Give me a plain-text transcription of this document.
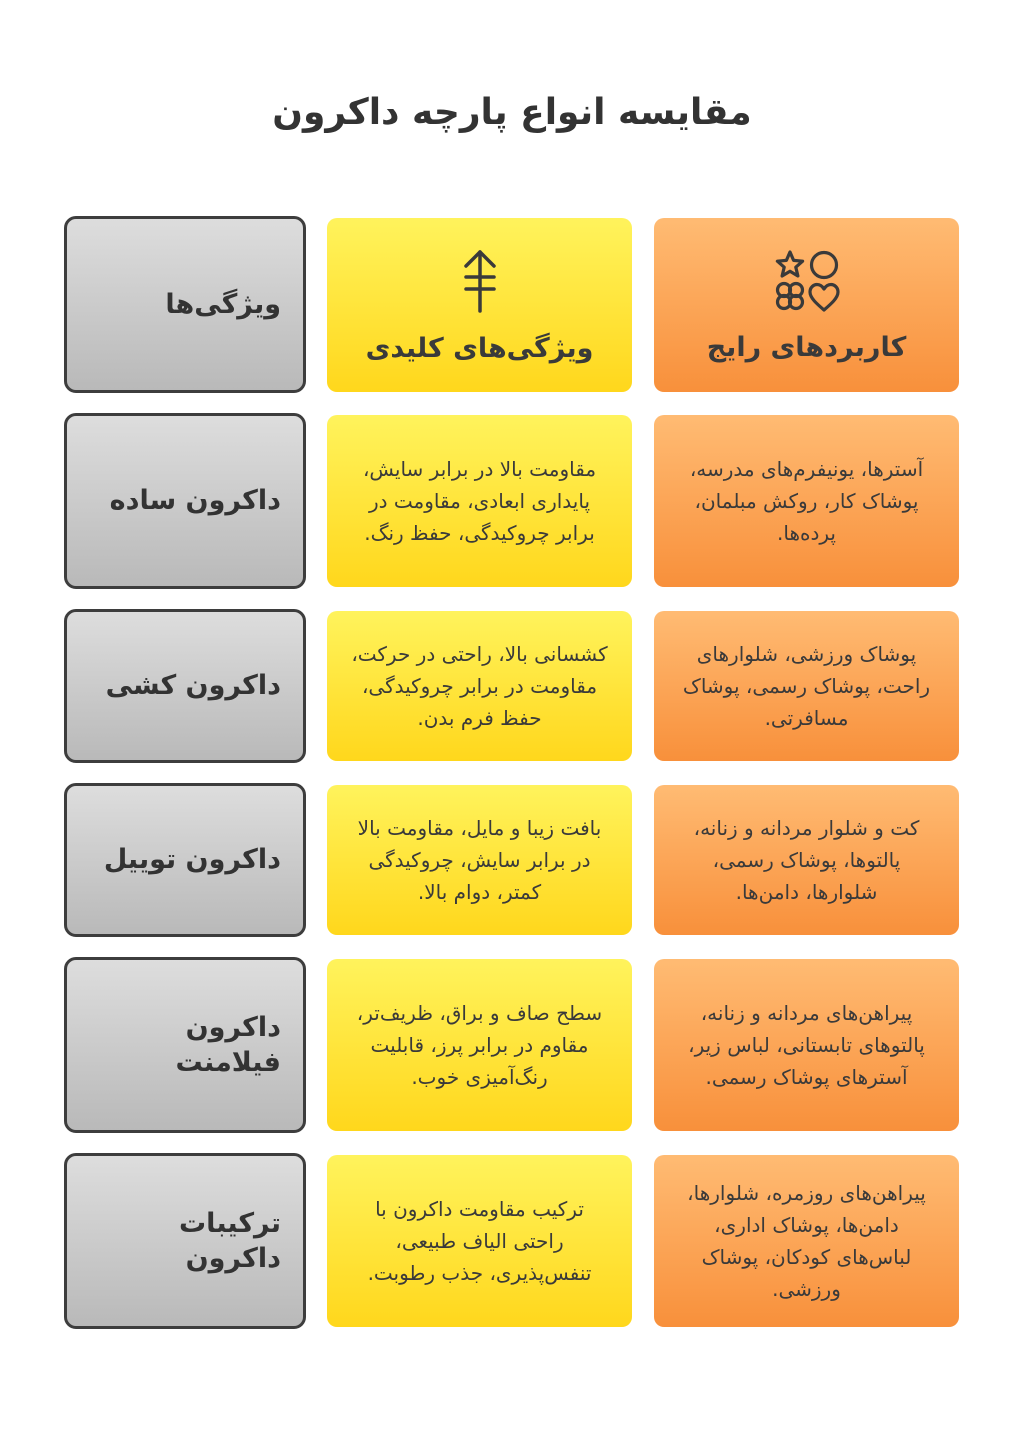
مقایسه انواع پارچه داکرون
ویژگی‌ها
ویژگی‌های کلیدی	کاربردهای رایج
داکرون ساده
مقاومت بالا در برابر سایش، پایداری ابعادی، مقاومت در برابر چروکیدگی، حفظ رنگ.
آسترها، یونیفرم‌های مدرسه، پوشاک کار، روکش مبلمان، پرده‌ها.
داکرون کشی
کشسانی بالا، راحتی در حرکت، مقاومت در برابر چروکیدگی، حفظ فرم بدن.
پوشاک ورزشی، شلوارهای راحت، پوشاک رسمی، پوشاک مسافرتی.
داکرون توییل
بافت زیبا و مایل، مقاومت بالا در برابر سایش، چروکیدگی کمتر، دوام بالا.
کت و شلوار مردانه و زنانه، پالتوها، پوشاک رسمی، شلوارها، دامن‌ها.
داکرون فیلامنت
سطح صاف و براق، ظریف‌تر، مقاوم در برابر پرز، قابلیت رنگ‌آمیزی خوب.
پیراهن‌های مردانه و زنانه، پالتوهای تابستانی، لباس زیر، آسترهای پوشاک رسمی.
ترکیبات داکرون
ترکیب مقاومت داکرون با راحتی الیاف طبیعی، تنفس‌پذیری، جذب رطوبت.
پیراهن‌های روزمره، شلوارها، دامن‌ها، پوشاک اداری، لباس‌های کودکان، پوشاک ورزشی.
